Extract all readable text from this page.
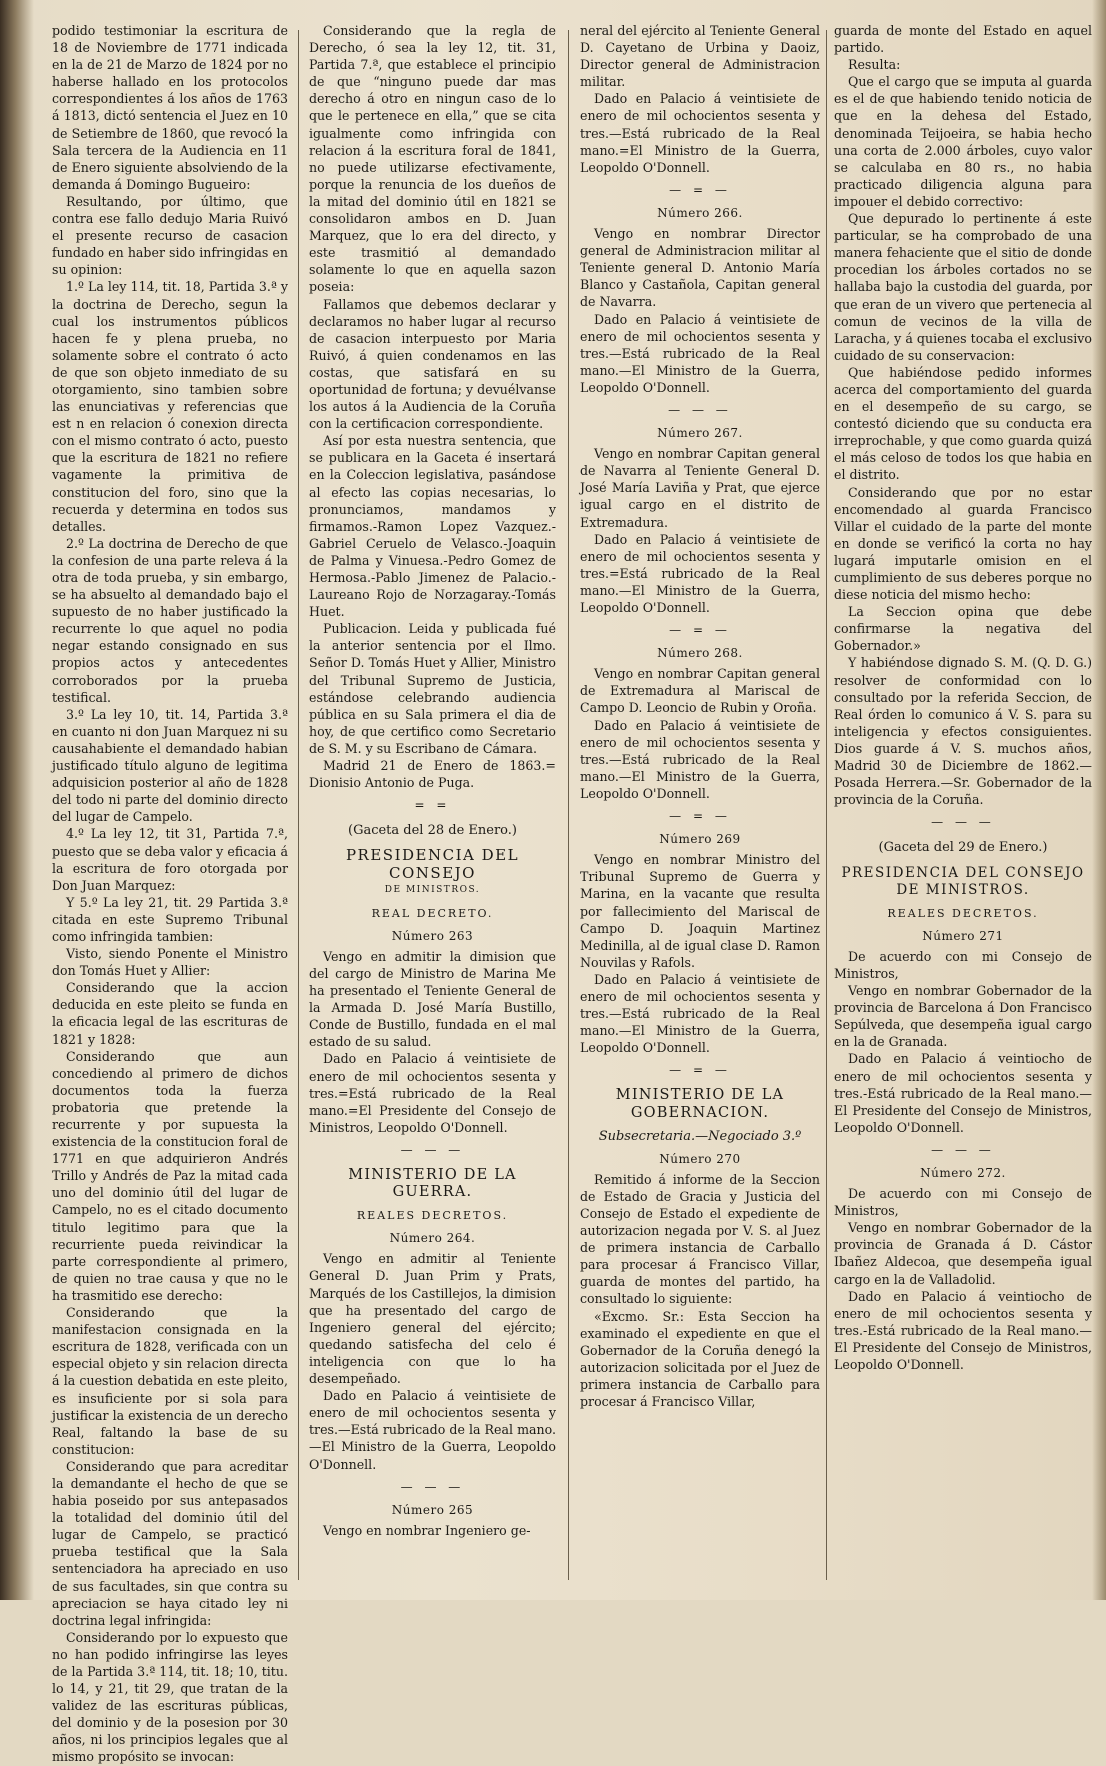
podido testimoniar la escritura de 18 de Noviembre de 1771 indicada en la de 21 de Marzo de 1824 por no haberse hallado en los protocolos correspondientes á los años de 1763 á 1813, dictó sentencia el Juez en 10 de Setiembre de 1860, que revocó la Sala tercera de la Audiencia en 11 de Enero siguiente absolviendo de la demanda á Domingo Bugueiro:

Resultando, por último, que contra ese fallo dedujo Maria Ruivó el presente recurso de casacion fundado en haber sido infringidas en su opinion:

1.º La ley 114, tit. 18, Partida 3.ª y la doctrina de Derecho, segun la cual los instrumentos públicos hacen fe y plena prueba, no solamente sobre el contrato ó acto de que son objeto inmediato de su otorgamiento, sino tambien sobre las enunciativas y referencias que est n en relacion ó conexion directa con el mismo contrato ó acto, puesto que la escritura de 1821 no refiere vagamente la primitiva de constitucion del foro, sino que la recuerda y determina en todos sus detalles.

2.º La doctrina de Derecho de que la confesion de una parte releva á la otra de toda prueba, y sin embargo, se ha absuelto al demandado bajo el supuesto de no haber justificado la recurrente lo que aquel no podia negar estando consignado en sus propios actos y antecedentes corroborados por la prueba testifical.

3.º La ley 10, tit. 14, Partida 3.ª en cuanto ni don Juan Marquez ni su causahabiente el demandado habian justificado título alguno de legitima adquisicion posterior al año de 1828 del todo ni parte del dominio directo del lugar de Campelo.

4.º La ley 12, tit 31, Partida 7.ª, puesto que se deba valor y eficacia á la escritura de foro otorgada por Don Juan Marquez:

Y 5.º La ley 21, tit. 29 Partida 3.ª citada en este Supremo Tribunal como infringida tambien:

Visto, siendo Ponente el Ministro don Tomás Huet y Allier:

Considerando que la accion deducida en este pleito se funda en la eficacia legal de las escrituras de 1821 y 1828:

Considerando que aun concediendo al primero de dichos documentos toda la fuerza probatoria que pretende la recurrente y por supuesta la existencia de la constitucion foral de 1771 en que adquirieron Andrés Trillo y Andrés de Paz la mitad cada uno del dominio útil del lugar de Campelo, no es el citado documento titulo legitimo para que la recurriente pueda reivindicar la parte correspondiente al primero, de quien no trae causa y que no le ha trasmitido ese derecho:

Considerando que la manifestacion consignada en la escritura de 1828, verificada con un especial objeto y sin relacion directa á la cuestion debatida en este pleito, es insuficiente por si sola para justificar la existencia de un derecho Real, faltando la base de su constitucion:

Considerando que para acreditar la demandante el hecho de que se habia poseido por sus antepasados la totalidad del dominio útil del lugar de Campelo, se practicó prueba testifical que la Sala sentenciadora ha apreciado en uso de sus facultades, sin que contra su apreciacion se haya citado ley ni doctrina legal infringida:

Considerando por lo expuesto que no han podido infringirse las leyes de la Partida 3.ª 114, tit. 18; 10, titu. lo 14, y 21, tit 29, que tratan de la validez de las escrituras públicas, del dominio y de la posesion por 30 años, ni los principios legales que al mismo propósito se invocan:

Considerando que la regla de Derecho, ó sea la ley 12, tit. 31, Partida 7.ª, que establece el principio de que “ninguno puede dar mas derecho á otro en ningun caso de lo que le pertenece en ella,” que se cita igualmente como infringida con relacion á la escritura foral de 1841, no puede utilizarse efectivamente, porque la renuncia de los dueños de la mitad del dominio útil en 1821 se consolidaron ambos en D. Juan Marquez, que lo era del directo, y este trasmitió al demandado solamente lo que en aquella sazon poseia:

Fallamos que debemos declarar y declaramos no haber lugar al recurso de casacion interpuesto por Maria Ruivó, á quien condenamos en las costas, que satisfará en su oportunidad de fortuna; y devuélvanse los autos á la Audiencia de la Coruña con la certificacion correspondiente.

Así por esta nuestra sentencia, que se publicara en la Gaceta é insertará en la Coleccion legislativa, pasándose al efecto las copias necesarias, lo pronunciamos, mandamos y firmamos.-Ramon Lopez Vazquez.-Gabriel Ceruelo de Velasco.-Joaquin de Palma y Vinuesa.-Pedro Gomez de Hermosa.-Pablo Jimenez de Palacio.-Laureano Rojo de Norzagaray.-Tomás Huet.

Publicacion. Leida y publicada fué la anterior sentencia por el Ilmo. Señor D. Tomás Huet y Allier, Ministro del Tribunal Supremo de Justicia, estándose celebrando audiencia pública en su Sala primera el dia de hoy, de que certifico como Secretario de S. M. y su Escribano de Cámara.

Madrid 21 de Enero de 1863.= Dionisio Antonio de Puga.

= =
(Gaceta del 28 de Enero.)
PRESIDENCIA DEL CONSEJO
DE MINISTROS.
REAL DECRETO.
Número 263

Vengo en admitir la dimision que del cargo de Ministro de Marina Me ha presentado el Teniente General de la Armada D. José María Bustillo, Conde de Bustillo, fundada en el mal estado de su salud.

Dado en Palacio á veintisiete de enero de mil ochocientos sesenta y tres.=Está rubricado de la Real mano.=El Presidente del Consejo de Ministros, Leopoldo O'Donnell.

— — —
MINISTERIO DE LA GUERRA.
REALES DECRETOS.
Número 264.

Vengo en admitir al Teniente General D. Juan Prim y Prats, Marqués de los Castillejos, la dimision que ha presentado del cargo de Ingeniero general del ejército; quedando satisfecha del celo é inteligencia con que lo ha desempeñado.

Dado en Palacio á veintisiete de enero de mil ochocientos sesenta y tres.—Está rubricado de la Real mano.—El Ministro de la Guerra, Leopoldo O'Donnell.

— — —
Número 265

Vengo en nombrar Ingeniero ge-

neral del ejército al Teniente General D. Cayetano de Urbina y Daoiz, Director general de Administracion militar.

Dado en Palacio á veintisiete de enero de mil ochocientos sesenta y tres.—Está rubricado de la Real mano.=El Ministro de la Guerra, Leopoldo O'Donnell.

— = —
Número 266.

Vengo en nombrar Director general de Administracion militar al Teniente general D. Antonio María Blanco y Castañola, Capitan general de Navarra.

Dado en Palacio á veintisiete de enero de mil ochocientos sesenta y tres.—Está rubricado de la Real mano.—El Ministro de la Guerra, Leopoldo O'Donnell.

— — —
Número 267.

Vengo en nombrar Capitan general de Navarra al Teniente General D. José María Laviña y Prat, que ejerce igual cargo en el distrito de Extremadura.

Dado en Palacio á veintisiete de enero de mil ochocientos sesenta y tres.=Está rubricado de la Real mano.—El Ministro de la Guerra, Leopoldo O'Donnell.

— = —
Número 268.

Vengo en nombrar Capitan general de Extremadura al Mariscal de Campo D. Leoncio de Rubin y Oroña.

Dado en Palacio á veintisiete de enero de mil ochocientos sesenta y tres.—Está rubricado de la Real mano.—El Ministro de la Guerra, Leopoldo O'Donnell.

— = —
Número 269

Vengo en nombrar Ministro del Tribunal Supremo de Guerra y Marina, en la vacante que resulta por fallecimiento del Mariscal de Campo D. Joaquin Martinez Medinilla, al de igual clase D. Ramon Nouvilas y Rafols.

Dado en Palacio á veintisiete de enero de mil ochocientos sesenta y tres.—Está rubricado de la Real mano.—El Ministro de la Guerra, Leopoldo O'Donnell.

— = —
MINISTERIO DE LA GOBERNACION.
Subsecretaria.—Negociado 3.º
Número 270

Remitido á informe de la Seccion de Estado de Gracia y Justicia del Consejo de Estado el expediente de autorizacion negada por V. S. al Juez de primera instancia de Carballo para procesar á Francisco Villar, guarda de montes del partido, ha consultado lo siguiente:

«Excmo. Sr.: Esta Seccion ha examinado el expediente en que el Gobernador de la Coruña denegó la autorizacion solicitada por el Juez de primera instancia de Carballo para procesar á Francisco Villar,

guarda de monte del Estado en aquel partido.

Resulta:

Que el cargo que se imputa al guarda es el de que habiendo tenido noticia de que en la dehesa del Estado, denominada Teijoeira, se habia hecho una corta de 2.000 árboles, cuyo valor se calculaba en 80 rs., no habia practicado diligencia alguna para impouer el debido correctivo:

Que depurado lo pertinente á este particular, se ha comprobado de una manera fehaciente que el sitio de donde procedian los árboles cortados no se hallaba bajo la custodia del guarda, por que eran de un vivero que pertenecia al comun de vecinos de la villa de Laracha, y á quienes tocaba el exclusivo cuidado de su conservacion:

Que habiéndose pedido informes acerca del comportamiento del guarda en el desempeño de su cargo, se contestó diciendo que su conducta era irreprochable, y que como guarda quizá el más celoso de todos los que habia en el distrito.

Considerando que por no estar encomendado al guarda Francisco Villar el cuidado de la parte del monte en donde se verificó la corta no hay lugará imputarle omision en el cumplimiento de sus deberes porque no diese noticia del mismo hecho:

La Seccion opina que debe confirmarse la negativa del Gobernador.»

Y habiéndose dignado S. M. (Q. D. G.) resolver de conformidad con lo consultado por la referida Seccion, de Real órden lo comunico á V. S. para su inteligencia y efectos consiguientes. Dios guarde á V. S. muchos años, Madrid 30 de Diciembre de 1862.—Posada Herrera.—Sr. Gobernador de la provincia de la Coruña.

— — —
(Gaceta del 29 de Enero.)
PRESIDENCIA DEL CONSEJO DE MINISTROS.
REALES DECRETOS.
Número 271

De acuerdo con mi Consejo de Ministros,

Vengo en nombrar Gobernador de la provincia de Barcelona á Don Francisco Sepúlveda, que desempeña igual cargo en la de Granada.

Dado en Palacio á veintiocho de enero de mil ochocientos sesenta y tres.-Está rubricado de la Real mano.—El Presidente del Consejo de Ministros, Leopoldo O'Donnell.

— — —
Número 272.

De acuerdo con mi Consejo de Ministros,

Vengo en nombrar Gobernador de la provincia de Granada á D. Cástor Ibañez Aldecoa, que desempeña igual cargo en la de Valladolid.

Dado en Palacio á veintiocho de enero de mil ochocientos sesenta y tres.-Está rubricado de la Real mano.—El Presidente del Consejo de Ministros, Leopoldo O'Donnell.
